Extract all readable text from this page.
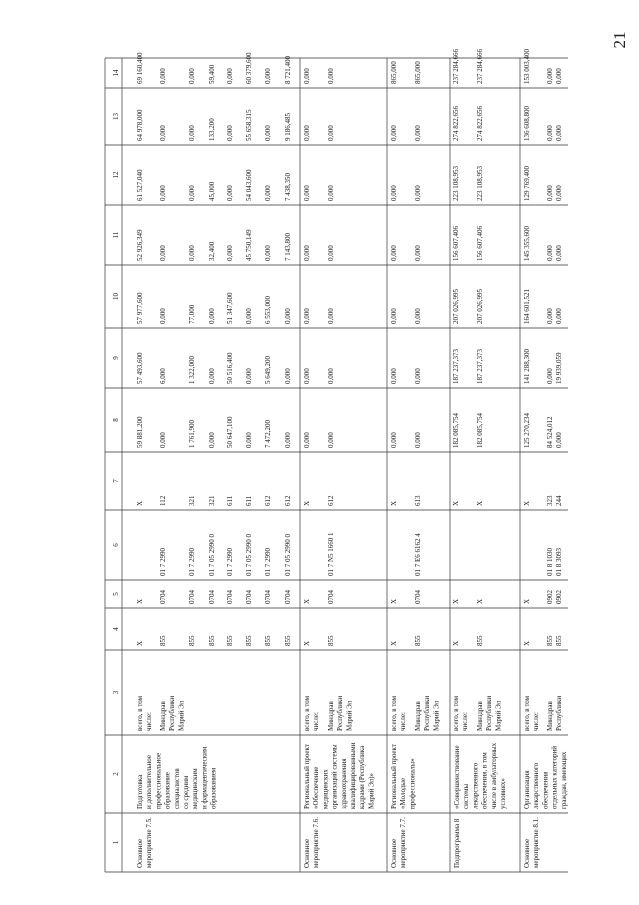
21
1
2
3
4
5
6
7
8
9
10
11
12
13
14
Основное мероприятие 7.5.
Подготовка и дополнительное профессиональное образование специалистов со средним медицинским и фармацевтическим образованием
всего, в том числе:
X
X
X
59 881,200
57 493,600
57 977,600
52 926,349
61 527,040
64 978,000
69 160,400
Минздрав Республики Марий Эл
855
0704
01 7 2990
112
0,000
6,000
0,000
0,000
0,000
0,000
0,000
855
0704
01 7 2990
321
1 761,900
1 322,000
77,000
0,000
0,000
0,000
0,000
855
0704
01 7 05 2990 0
321
0,000
0,000
0,000
32,400
45,000
133,200
59,400
855
0704
01 7 2990
611
50 647,100
50 516,400
51 347,600
0,000
0,000
0,000
0,000
855
0704
01 7 05 2990 0
611
0,000
0,000
0,000
45 750,149
54 043,600
55 658,315
60 379,600
855
0704
01 7 2990
612
7 472,200
5 649,200
6 553,000
0,000
0,000
0,000
0,000
855
0704
01 7 05 2990 0
612
0,000
0,000
0,000
7 143,800
7 438,350
9 186,485
8 721,400
Основное мероприятие 7.6.
Региональный проект «Обеспечение медицинских организаций системы здравоохранения квалифицированными кадрами (Республика Марий Эл)»
всего, в том числе:
X
X
X
0,000
0,000
0,000
0,000
0,000
0,000
0,000
Минздрав Республики Марий Эл
855
0704
01 7 N5 1660 1
612
0,000
0,000
0,000
0,000
0,000
0,000
0,000
Основное мероприятие 7.7.
Региональный проект «Молодые профессионалы»
всего, в том числе:
X
X
X
0,000
0,000
0,000
0,000
0,000
0,000
865,000
Минздрав Республики Марий Эл
855
0704
01 7 E6 6162 4
613
0,000
0,000
0,000
0,000
0,000
0,000
865,000
Подпрограмма 8
«Совершенствование системы лекарственного обеспечения, в том числе в амбулаторных условиях»
всего, в том числе:
X
X
X
182 085,754
187 237,373
207 026,995
156 607,406
223 108,953
274 822,656
237 284,666
Минздрав Республики Марий Эл
855
X
X
182 085,754
187 237,373
207 026,995
156 607,406
223 108,953
274 822,656
237 284,666
Основное мероприятие 8.1.
Организация лекарственного обеспечения отдельных категорий граждан, имеющих
всего, в том числе:
X
X
X
125 270,234
141 288,300
164 601,521
145 355,600
129 769,400
136 608,800
153 003,400
Минздрав Республики
855
0902
01 8 1030
323
84 524,012
0,000
0,000
0,000
0,000
0,000
0,000
855
0902
01 8 3093
244
0,000
19 939,059
0,000
0,000
0,000
0,000
0,000
